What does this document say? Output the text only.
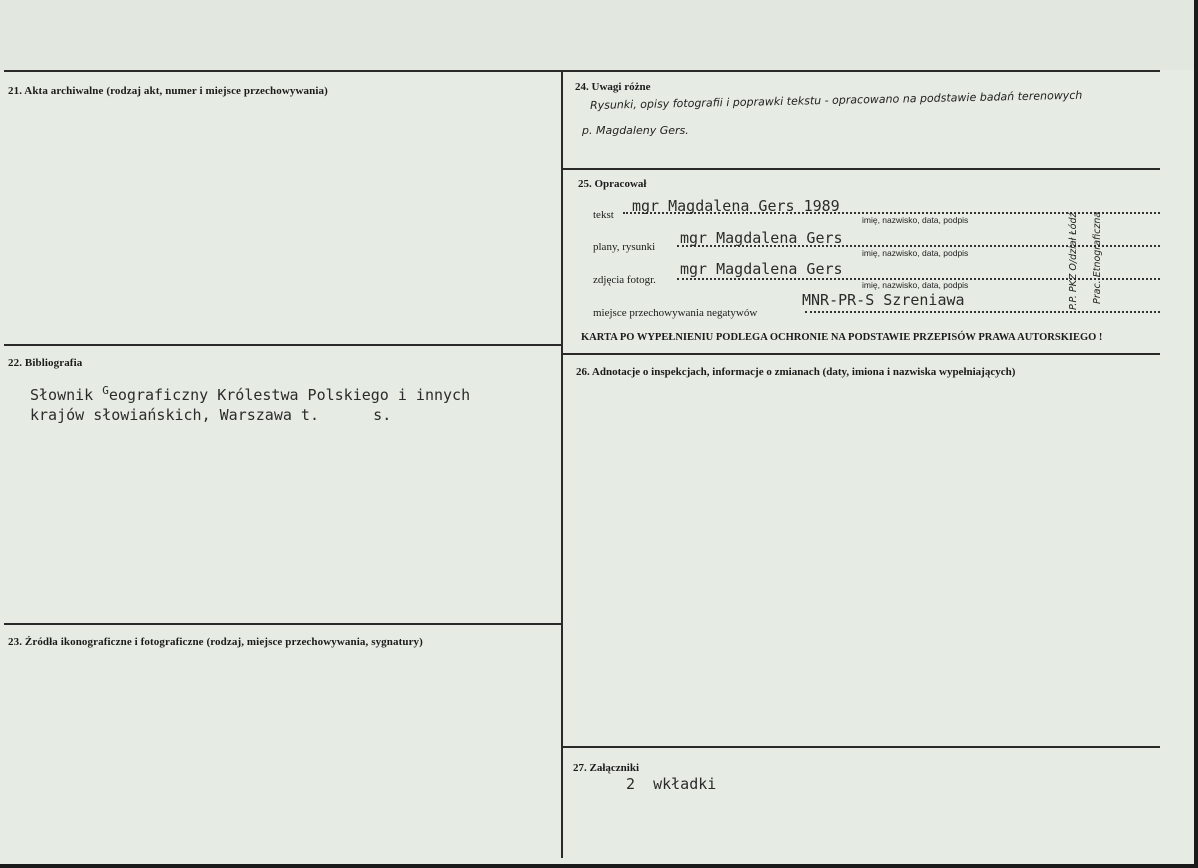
21. Akta archiwalne (rodzaj akt, numer i miejsce przechowywania)
22. Bibliografia
Słownik $^G$eograficzny Królestwa Polskiego i innych
krajów słowiańskich, Warszawa t.      s.
23. Źródła ikonograficzne i fotograficzne (rodzaj, miejsce przechowywania, sygnatury)
24. Uwagi różne
Rysunki, opisy fotografii i poprawki tekstu - opracowano na podstawie badań terenowych
p. Magdaleny Gers.
25. Opracował
tekst mgr Magdalena Gers 1989
imię, nazwisko, data, podpis
plany, rysunki mgr Magdalena Gers
imię, nazwisko, data, podpis
zdjęcia fotogr.
mgr Magdalena Gers
imię, nazwisko, data, podpis
miejsce przechowywania negatywów
MNR-PR-S Szreniawa	P.P. PKZ O/dział Łódź Prac. Etnograficzna
KARTA PO WYPEŁNIENIU PODLEGA OCHRONIE NA PODSTAWIE PRZEPISÓW PRAWA AUTORSKIEGO !
26. Adnotacje o inspekcjach, informacje o zmianach (daty, imiona i nazwiska wypełniających)
27. Załączniki
2  wkładki
